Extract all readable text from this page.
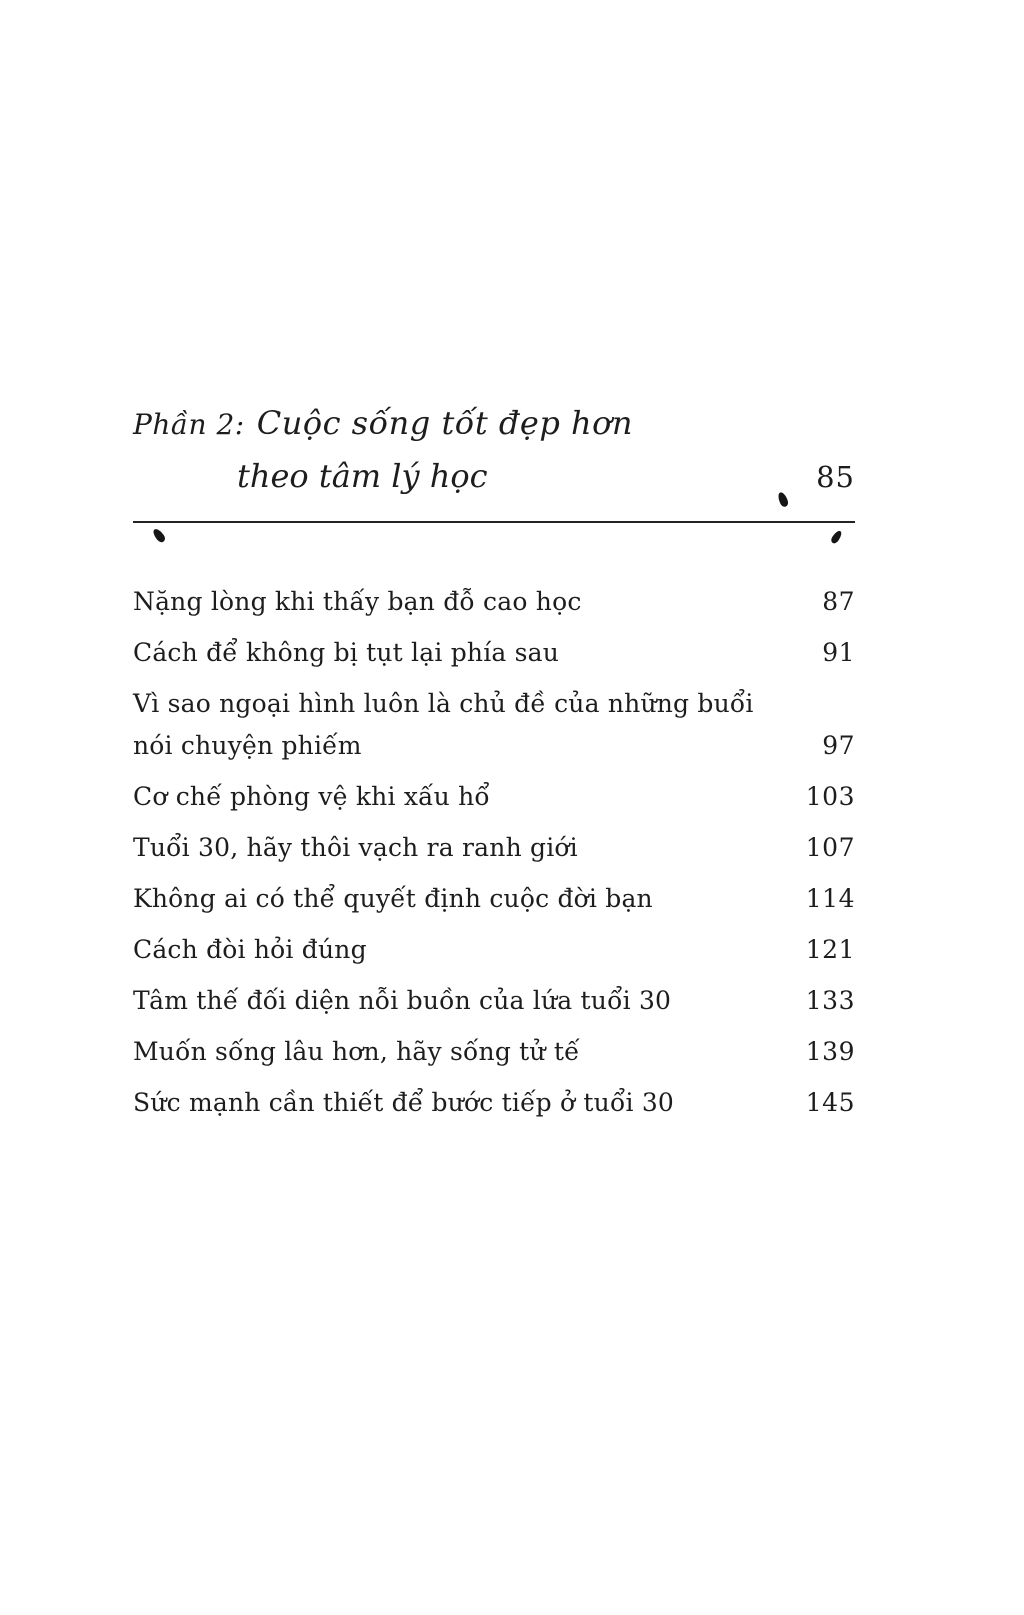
Phần 2: Cuộc sống tốt đẹp hơn
theo tâm lý học	85
Nặng lòng khi thấy bạn đỗ cao học	87
Cách để không bị tụt lại phía sau	91
Vì sao ngoại hình luôn là chủ đề của những buổi
nói chuyện phiếm	97
Cơ chế phòng vệ khi xấu hổ	103
Tuổi 30, hãy thôi vạch ra ranh giới	107
Không ai có thể quyết định cuộc đời bạn	114
Cách đòi hỏi đúng	121
Tâm thế đối diện nỗi buồn của lứa tuổi 30	133
Muốn sống lâu hơn, hãy sống tử tế	139
Sức mạnh cần thiết để bước tiếp ở tuổi 30	145
